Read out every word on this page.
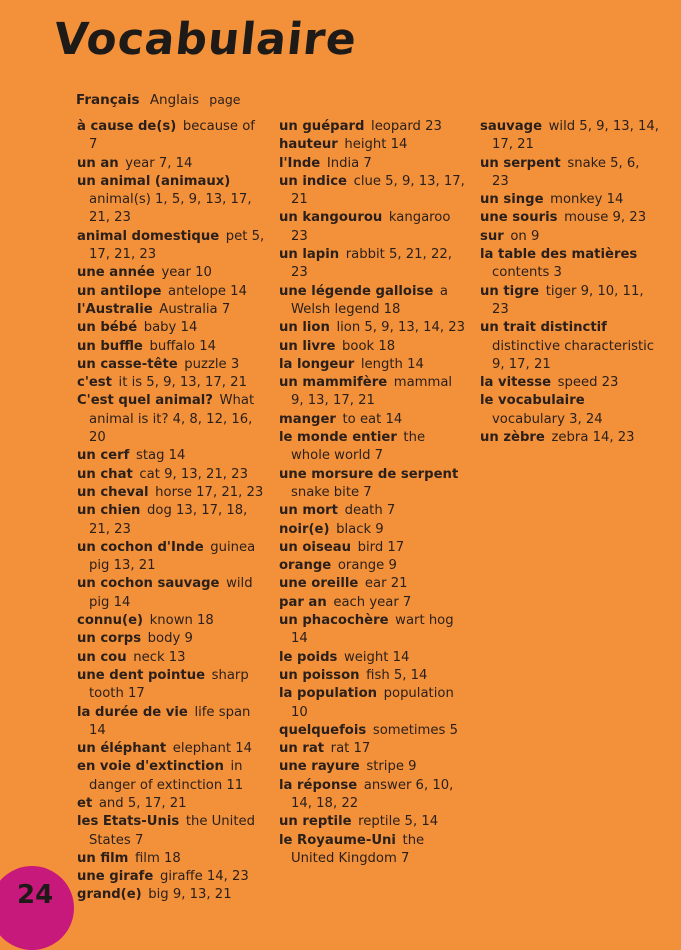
Vocabulaire
Français Anglais page

à cause de(s)  because of 7

un an  year 7, 14

un animal (animaux) animal(s) 1, 5, 9, 13, 17, 21, 23

animal domestique  pet 5, 17, 21, 23

une année  year 10

un antilope  antelope 14

l'Australie  Australia 7

un bébé  baby 14

un buffle  buffalo 14

un casse-tête  puzzle 3

c'est  it is 5, 9, 13, 17, 21

C'est quel animal?  What animal is it? 4, 8, 12, 16, 20

un cerf  stag 14

un chat  cat 9, 13, 21, 23

un cheval  horse 17, 21, 23

un chien  dog 13, 17, 18, 21, 23

un cochon d'Inde  guinea pig 13, 21

un cochon sauvage  wild pig 14

connu(e)  known 18

un corps  body 9

un cou  neck 13

une dent pointue  sharp tooth 17

la durée de vie  life span 14

un éléphant  elephant 14

en voie d'extinction  in danger of extinction 11

et  and 5, 17, 21

les Etats-Unis  the United States 7

un film  film 18

une girafe  giraffe 14, 23

grand(e)  big 9, 13, 21

un guépard  leopard 23

hauteur  height 14

l'Inde  India 7

un indice  clue 5, 9, 13, 17, 21

un kangourou  kangaroo 23

un lapin  rabbit 5, 21, 22, 23

une légende galloise  a Welsh legend 18

un lion  lion 5, 9, 13, 14, 23

un livre  book 18

la longeur  length 14

un mammifère  mammal 9, 13, 17, 21

manger  to eat 14

le monde entier  the whole world 7

une morsure de serpent snake bite 7

un mort  death 7

noir(e)  black 9

un oiseau  bird 17

orange  orange 9

une oreille  ear 21

par an  each year 7

un phacochère  wart hog 14

le poids  weight 14

un poisson  fish 5, 14

la population  population 10

quelquefois  sometimes 5

un rat  rat 17

une rayure  stripe 9

la réponse  answer 6, 10, 14, 18, 22

un reptile  reptile 5, 14

le Royaume-Uni  the United Kingdom 7

sauvage  wild 5, 9, 13, 14, 17, 21

un serpent  snake 5, 6, 23

un singe  monkey 14

une souris  mouse 9, 23

sur  on 9

la table des matières contents 3

un tigre  tiger 9, 10, 11, 23

un trait distinctif distinctive characteristic 9, 17, 21

la vitesse  speed 23

le vocabulaire vocabulary 3, 24

un zèbre  zebra 14, 23

24
